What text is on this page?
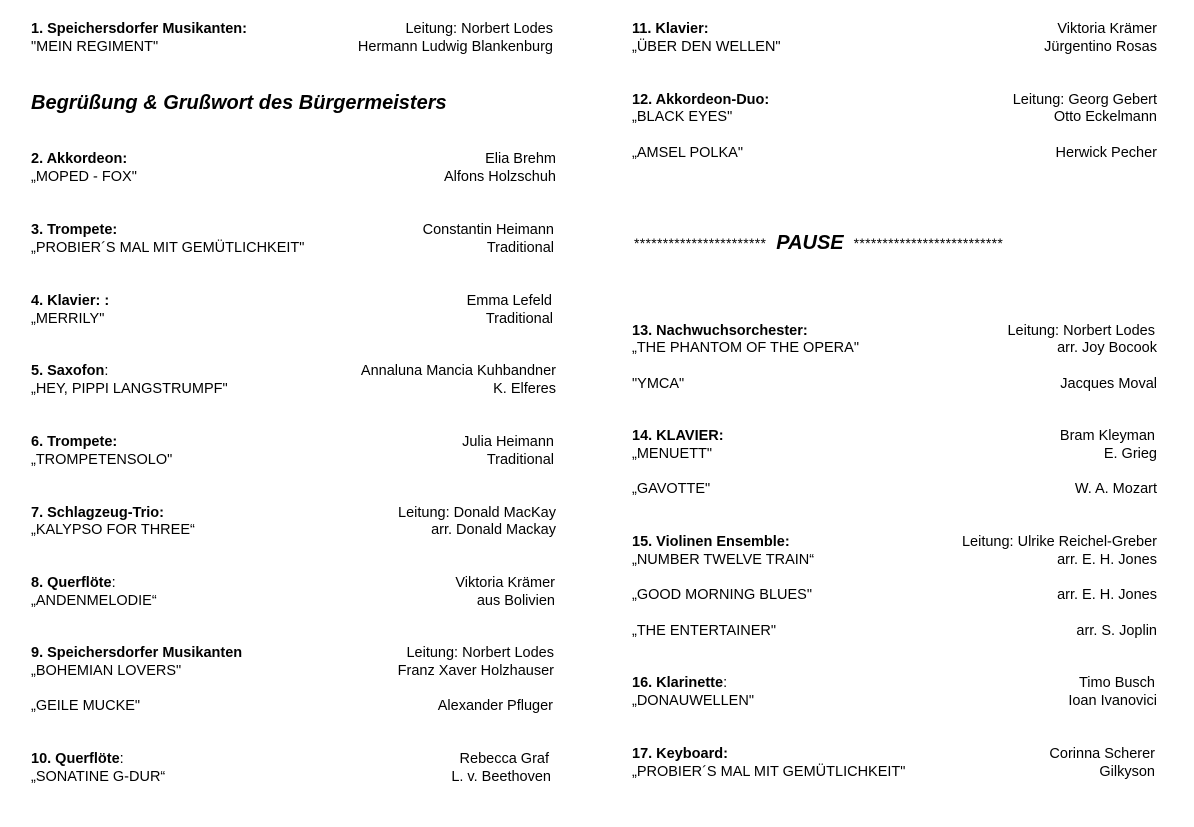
1. Speichersdorfer Musikanten:	Leitung: Norbert Lodes
"MEIN REGIMENT"	Hermann Ludwig Blankenburg
Begrüßung & Grußwort des Bürgermeisters
2. Akkordeon:	Elia Brehm
„MOPED - FOX"	Alfons Holzschuh
3. Trompete:	Constantin Heimann
„PROBIER´S MAL MIT GEMÜTLICHKEIT"	Traditional
4. Klavier: :	Emma Lefeld
„MERRILY"	Traditional
5. Saxofon:	Annaluna Mancia Kuhbandner
„HEY, PIPPI LANGSTRUMPF"	K. Elferes
6. Trompete:	Julia Heimann
„TROMPETENSOLO"	Traditional
7. Schlagzeug-Trio:	Leitung: Donald MacKay
„KALYPSO FOR THREE“	arr. Donald Mackay
8. Querflöte:	Viktoria Krämer
„ANDENMELODIE“	aus Bolivien
9. Speichersdorfer Musikanten	Leitung: Norbert Lodes
„BOHEMIAN LOVERS"	Franz Xaver Holzhauser
„GEILE MUCKE"	Alexander Pfluger
10. Querflöte:	Rebecca Graf
„SONATINE G-DUR“	L. v. Beethoven
11. Klavier:	Viktoria Krämer
„ÜBER DEN WELLEN"	Jürgentino Rosas
12. Akkordeon-Duo:	Leitung: Georg Gebert
„BLACK EYES"	Otto Eckelmann
„AMSEL POLKA"	Herwick Pecher
*********************** PAUSE **************************
13. Nachwuchsorchester:	Leitung: Norbert Lodes
„THE PHANTOM OF THE OPERA"	arr. Joy Bocook
"YMCA"	Jacques Moval
14. KLAVIER:	Bram Kleyman
„MENUETT"	E. Grieg
„GAVOTTE"	W. A. Mozart
15. Violinen Ensemble:	Leitung: Ulrike Reichel-Greber
„NUMBER TWELVE TRAIN“	arr. E. H. Jones
„GOOD MORNING BLUES"	arr. E. H. Jones
„THE ENTERTAINER"	arr. S. Joplin
16. Klarinette:	Timo Busch
„DONAUWELLEN"	Ioan Ivanovici
17. Keyboard:	Corinna Scherer
„PROBIER´S MAL MIT GEMÜTLICHKEIT"	Gilkyson
